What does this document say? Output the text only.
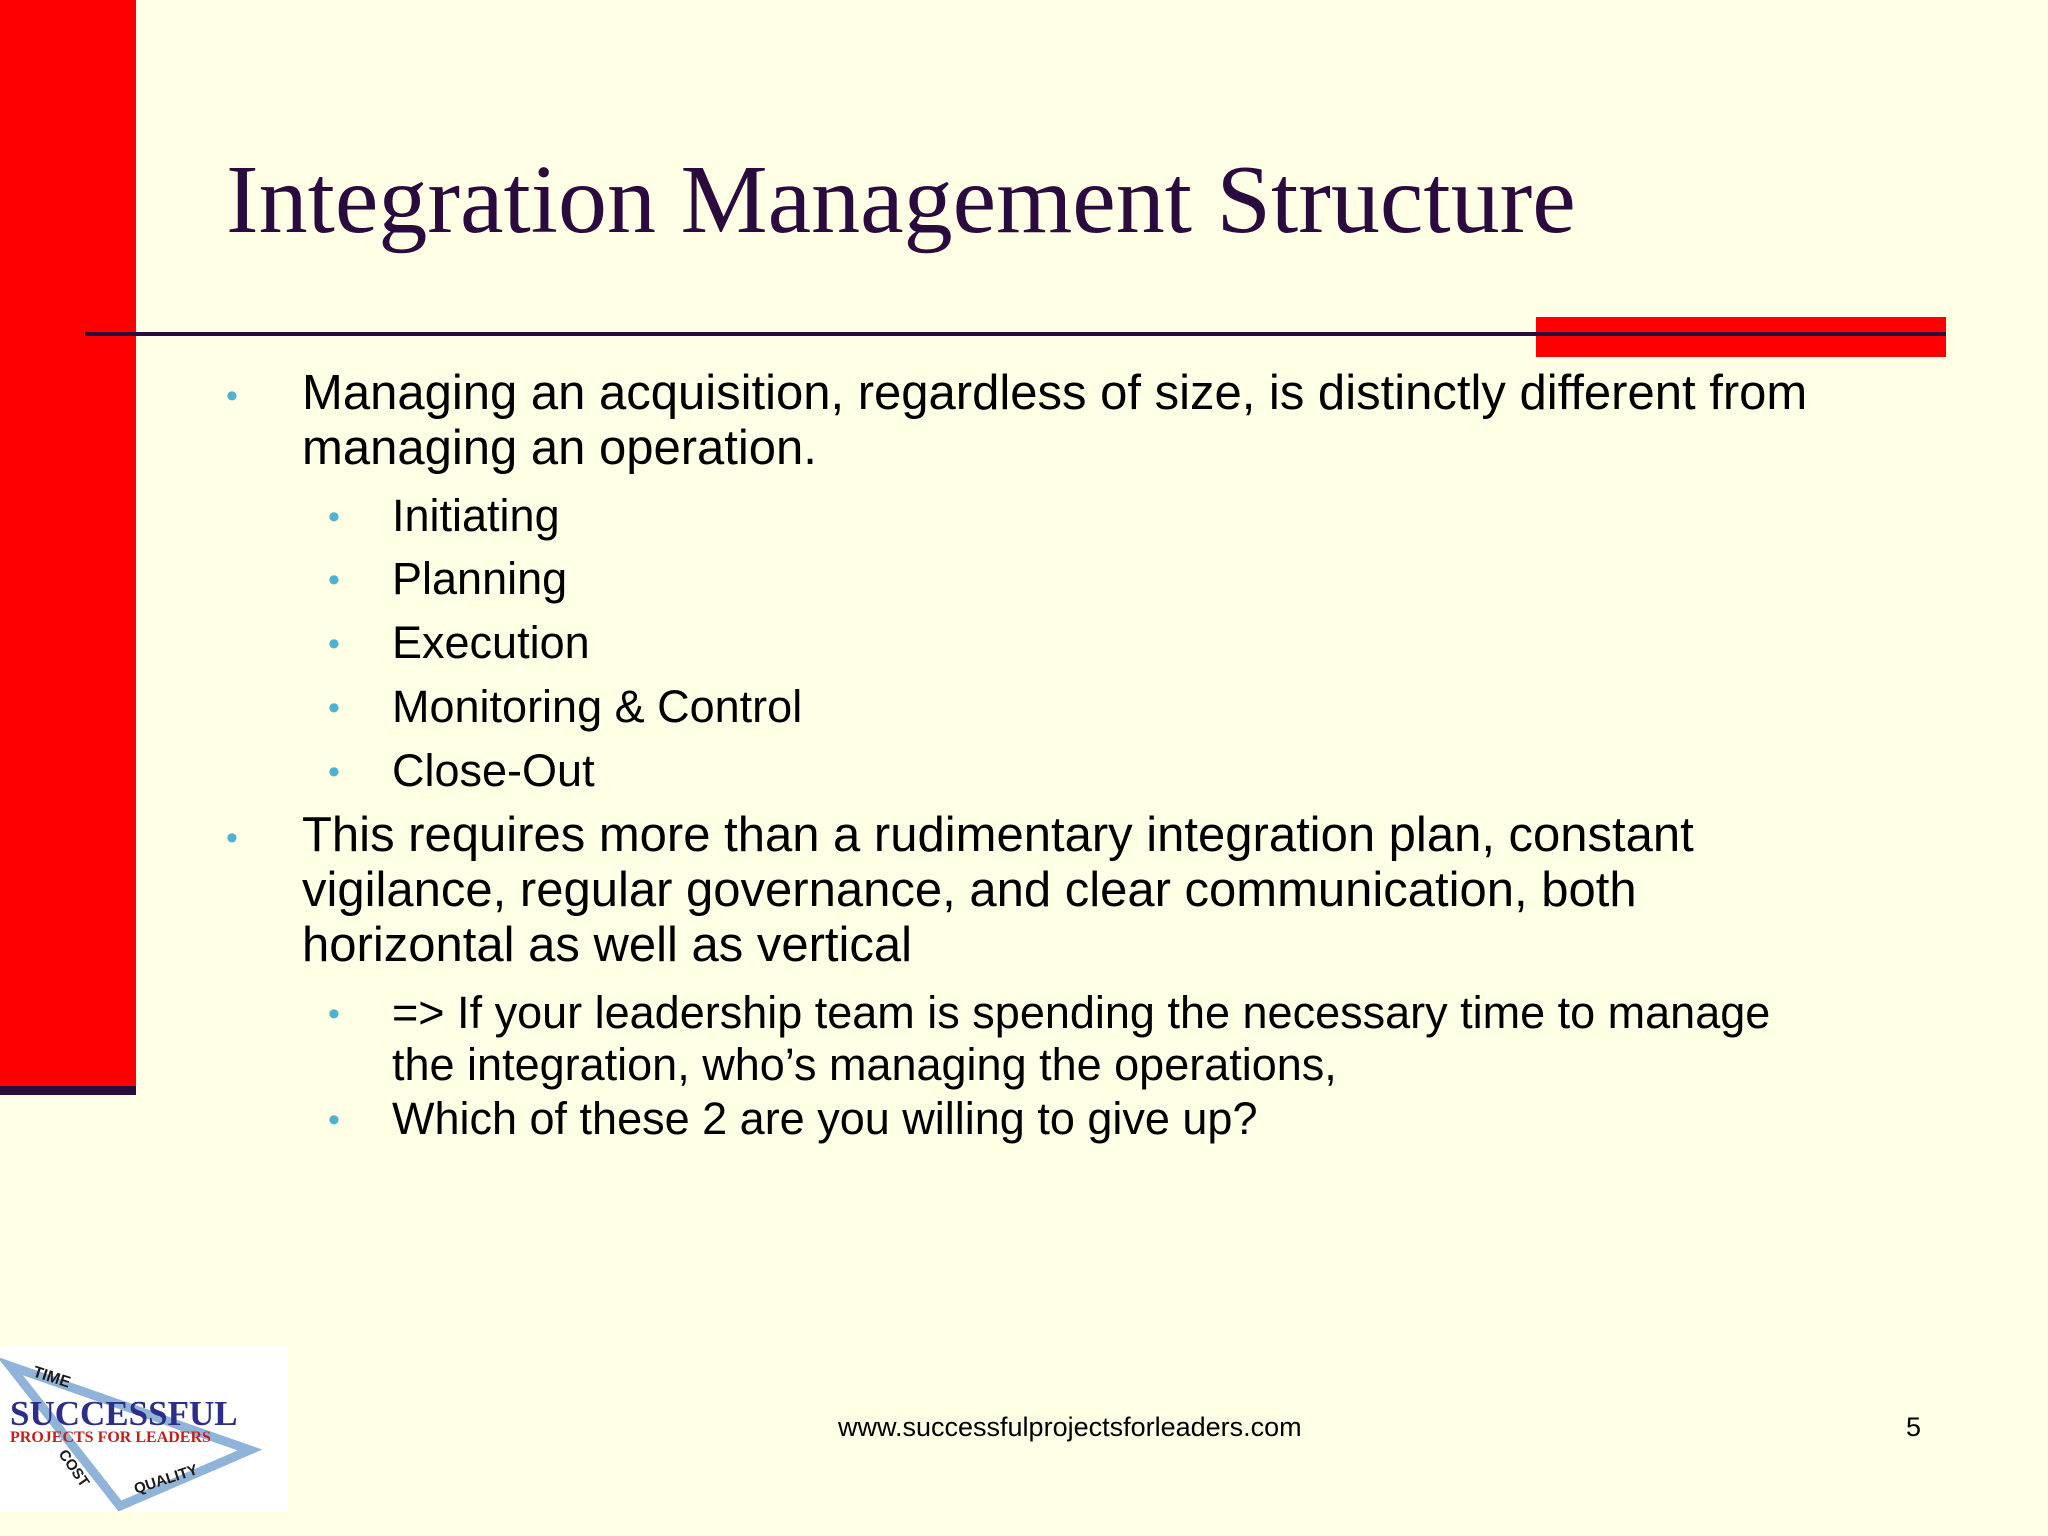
Integration Management Structure
• Managing an acquisition, regardless of size, is distinctly different from
managing an operation.
• Initiating
• Planning
• Execution
• Monitoring & Control
• Close-Out
• This requires more than a rudimentary integration plan, constant
vigilance, regular governance, and clear communication, both
horizontal as well as vertical
• => If your leadership team is spending the necessary time to manage
the integration, who’s managing the operations,
• Which of these 2 are you willing to give up?
TIME
SUCCESSFUL
PROJECTS FOR LEADERS
COST	QUALITY
www.successfulprojectsforleaders.com	5
